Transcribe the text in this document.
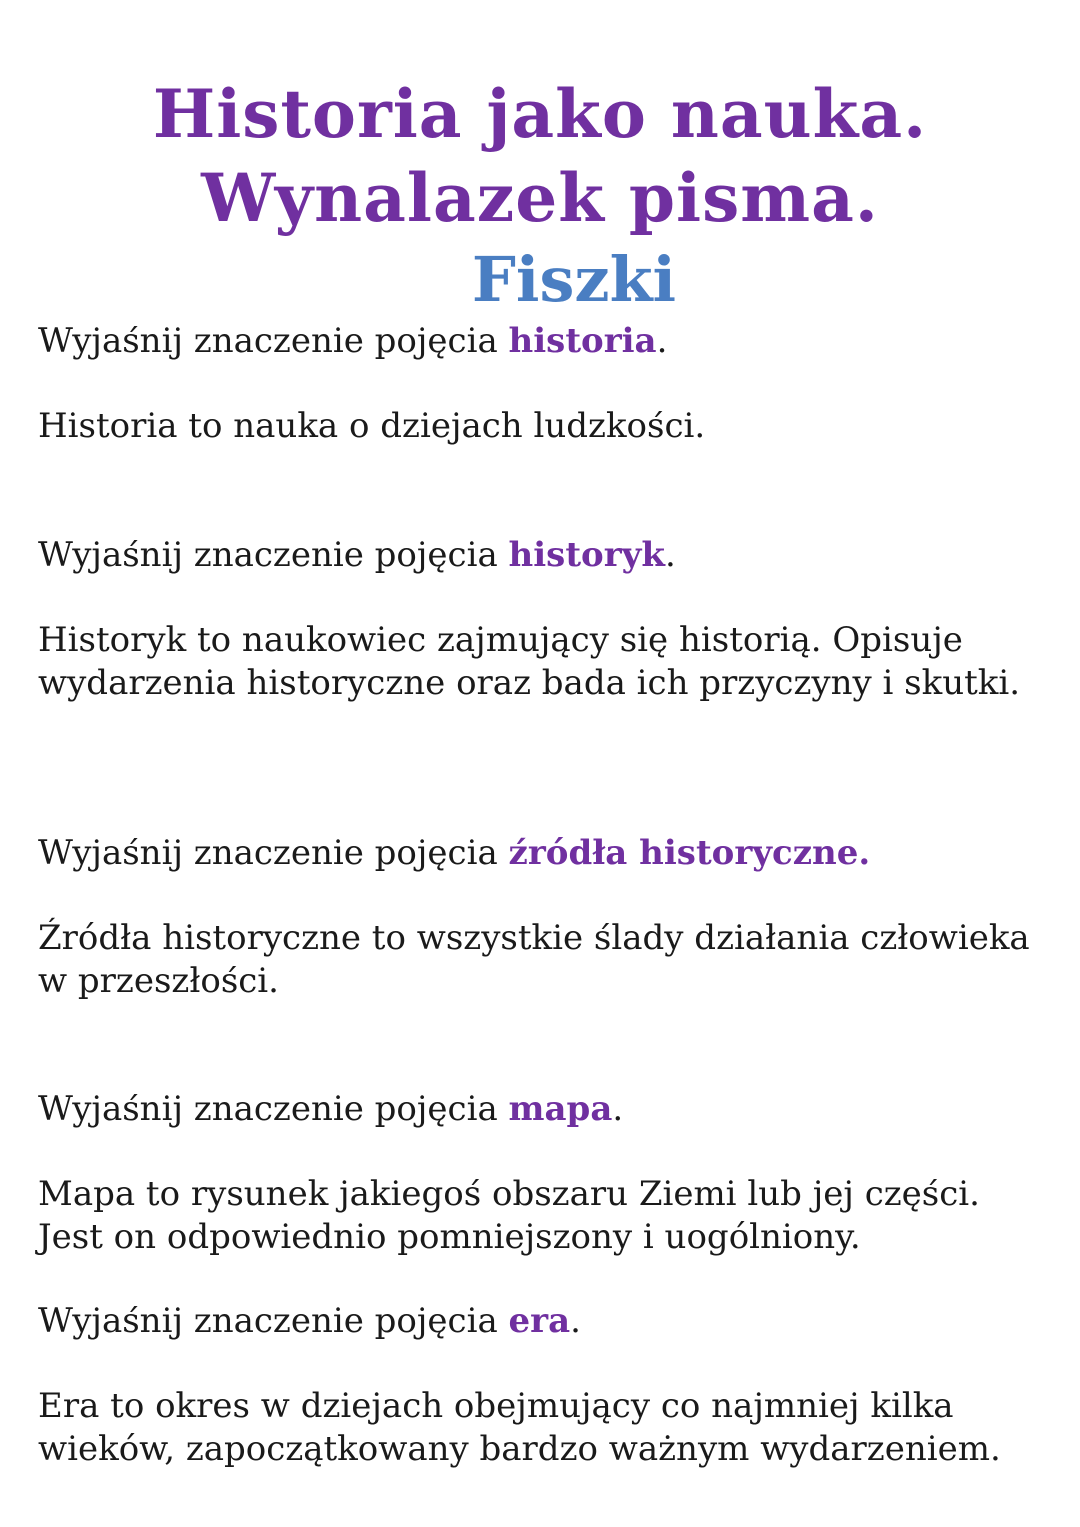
Historia jako nauka.
Wynalazek pisma.
Fiszki

Wyjaśnij znaczenie pojęcia historia.

Historia to nauka o dziejach ludzkości.

Wyjaśnij znaczenie pojęcia historyk.

Historyk to naukowiec zajmujący się historią. Opisuje wydarzenia historyczne oraz bada ich przyczyny i skutki.

Wyjaśnij znaczenie pojęcia źródła historyczne.

Źródła historyczne to wszystkie ślady działania człowieka w przeszłości.

Wyjaśnij znaczenie pojęcia mapa.

Mapa to rysunek jakiegoś obszaru Ziemi lub jej części. Jest on odpowiednio pomniejszony i uogólniony.

Wyjaśnij znaczenie pojęcia era.

Era to okres w dziejach obejmujący co najmniej kilka wieków, zapoczątkowany bardzo ważnym wydarzeniem.
